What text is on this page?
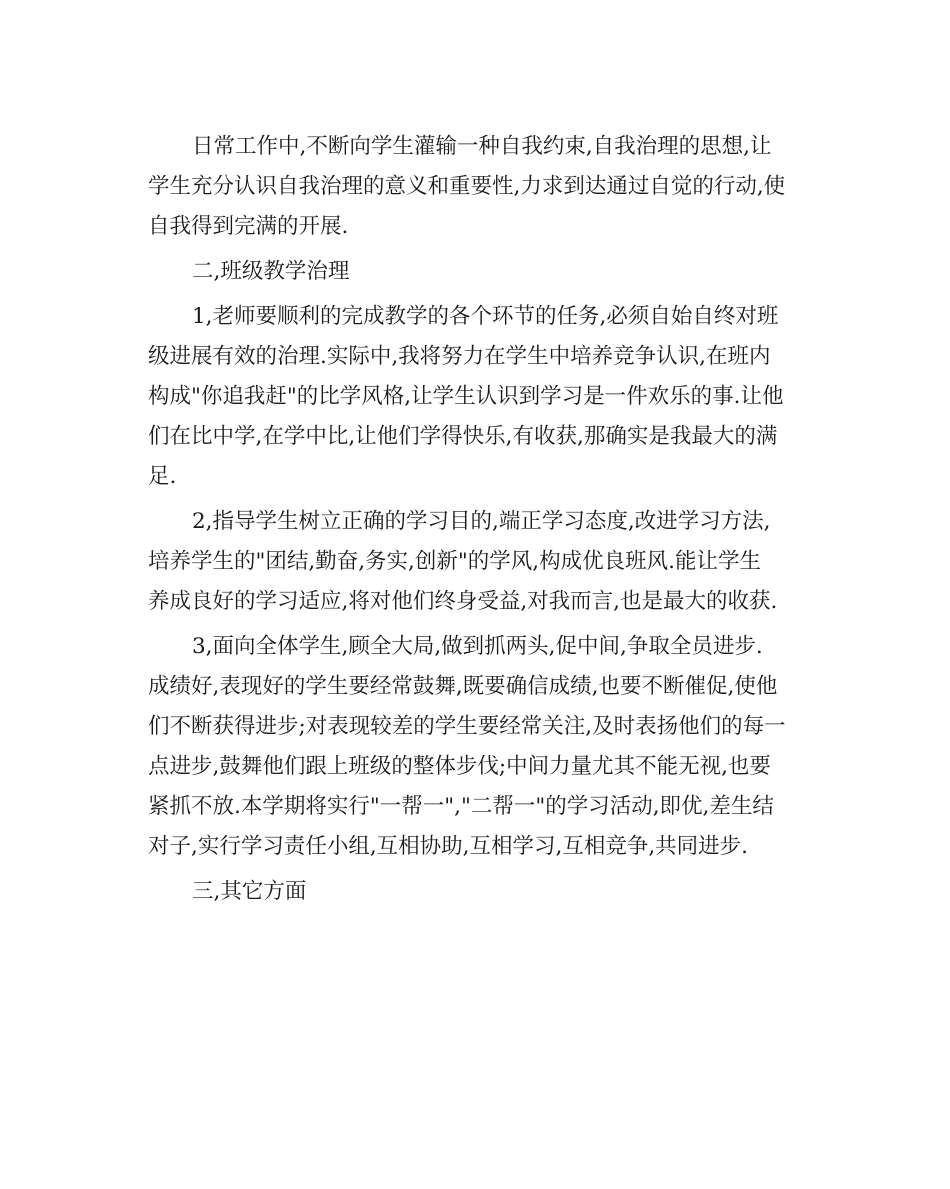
日常工作中,不断向学生灌输一种自我约束,自我治理的思想,让
学生充分认识自我治理的意义和重要性,力求到达通过自觉的行动,使
自我得到完满的开展.
二,班级教学治理
1,老师要顺利的完成教学的各个环节的任务,必须自始自终对班
级进展有效的治理.实际中,我将努力在学生中培养竞争认识,在班内
构成"你追我赶"的比学风格,让学生认识到学习是一件欢乐的事.让他
们在比中学,在学中比,让他们学得快乐,有收获,那确实是我最大的满
足.
2,指导学生树立正确的学习目的,端正学习态度,改进学习方法,
培养学生的"团结,勤奋,务实,创新"的学风,构成优良班风.能让学生
养成良好的学习适应,将对他们终身受益,对我而言,也是最大的收获.
3,面向全体学生,顾全大局,做到抓两头,促中间,争取全员进步.
成绩好,表现好的学生要经常鼓舞,既要确信成绩,也要不断催促,使他
们不断获得进步;对表现较差的学生要经常关注,及时表扬他们的每一
点进步,鼓舞他们跟上班级的整体步伐;中间力量尤其不能无视,也要
紧抓不放.本学期将实行"一帮一","二帮一"的学习活动,即优,差生结
对子,实行学习责任小组,互相协助,互相学习,互相竞争,共同进步.
三,其它方面
